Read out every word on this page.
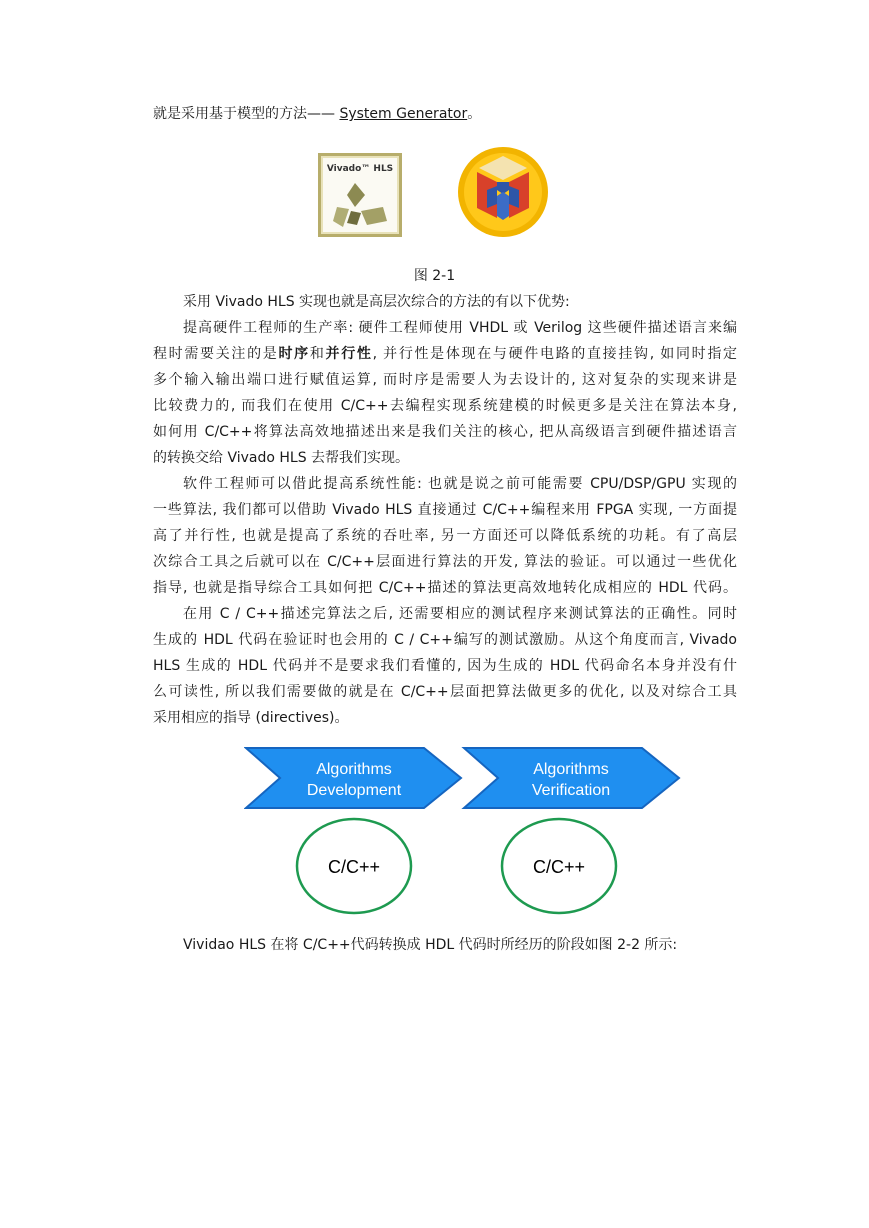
就是采用基于模型的方法—— System Generator。
Vivado™ HLS
图 2-1
采用 Vivado HLS 实现也就是高层次综合的方法的有以下优势:
提高硬件工程师的生产率: 硬件工程师使用 VHDL 或 Verilog 这些硬件描述语言来编
程时需要关注的是时序和并行性, 并行性是体现在与硬件电路的直接挂钩, 如同时指定
多个输入输出端口进行赋值运算, 而时序是需要人为去设计的, 这对复杂的实现来讲是
比较费力的, 而我们在使用 C/C++去编程实现系统建模的时候更多是关注在算法本身,
如何用 C/C++将算法高效地描述出来是我们关注的核心, 把从高级语言到硬件描述语言
的转换交给 Vivado HLS 去帮我们实现。
软件工程师可以借此提高系统性能: 也就是说之前可能需要 CPU/DSP/GPU 实现的
一些算法, 我们都可以借助 Vivado HLS 直接通过 C/C++编程来用 FPGA 实现, 一方面提
高了并行性, 也就是提高了系统的吞吐率, 另一方面还可以降低系统的功耗。有了高层
次综合工具之后就可以在 C/C++层面进行算法的开发, 算法的验证。可以通过一些优化
指导, 也就是指导综合工具如何把 C/C++描述的算法更高效地转化成相应的 HDL 代码。
在用 C / C++描述完算法之后, 还需要相应的测试程序来测试算法的正确性。同时
生成的 HDL 代码在验证时也会用的 C / C++编写的测试激励。从这个角度而言, Vivado
HLS 生成的 HDL 代码并不是要求我们看懂的, 因为生成的 HDL 代码命名本身并没有什
么可读性, 所以我们需要做的就是在 C/C++层面把算法做更多的优化, 以及对综合工具
采用相应的指导 (directives)。
Algorithms
Development
Algorithms
Verification
C/C++	C/C++
Vividao HLS 在将 C/C++代码转换成 HDL 代码时所经历的阶段如图 2-2 所示:
